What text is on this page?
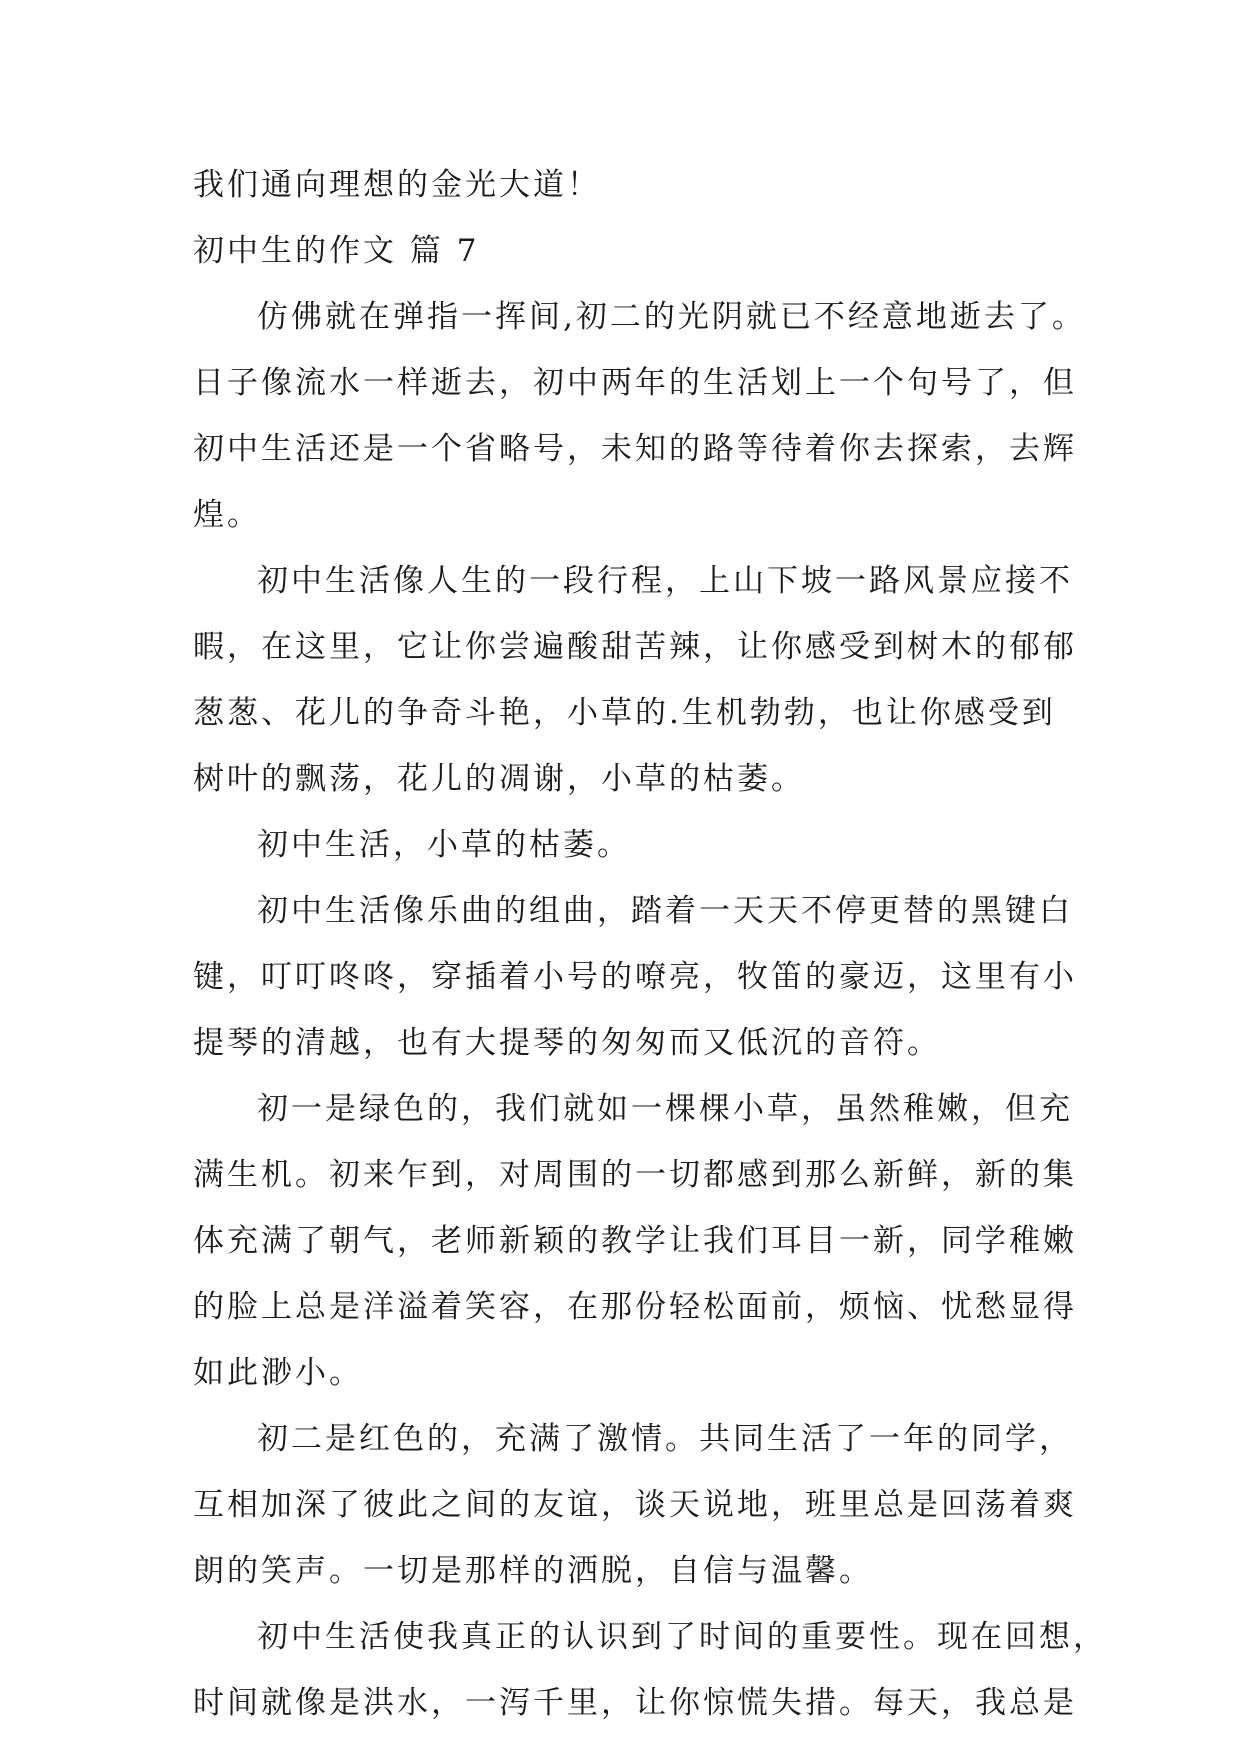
我们通向理想的金光大道！
初中生的作文 篇 7
仿佛就在弹指一挥间,初二的光阴就已不经意地逝去了。
日子像流水一样逝去，初中两年的生活划上一个句号了，但
初中生活还是一个省略号，未知的路等待着你去探索，去辉
煌。
初中生活像人生的一段行程，上山下坡一路风景应接不
暇，在这里，它让你尝遍酸甜苦辣，让你感受到树木的郁郁
葱葱、花儿的争奇斗艳，小草的.生机勃勃，也让你感受到
树叶的飘荡，花儿的凋谢，小草的枯萎。
初中生活，小草的枯萎。
初中生活像乐曲的组曲，踏着一天天不停更替的黑键白
键，叮叮咚咚，穿插着小号的嘹亮，牧笛的豪迈，这里有小
提琴的清越，也有大提琴的匆匆而又低沉的音符。
初一是绿色的，我们就如一棵棵小草，虽然稚嫩，但充
满生机。初来乍到，对周围的一切都感到那么新鲜，新的集
体充满了朝气，老师新颖的教学让我们耳目一新，同学稚嫩
的脸上总是洋溢着笑容，在那份轻松面前，烦恼、忧愁显得
如此渺小。
初二是红色的，充满了激情。共同生活了一年的同学，
互相加深了彼此之间的友谊，谈天说地，班里总是回荡着爽
朗的笑声。一切是那样的洒脱，自信与温馨。
初中生活使我真正的认识到了时间的重要性。现在回想，
时间就像是洪水，一泻千里，让你惊慌失措。每天，我总是
